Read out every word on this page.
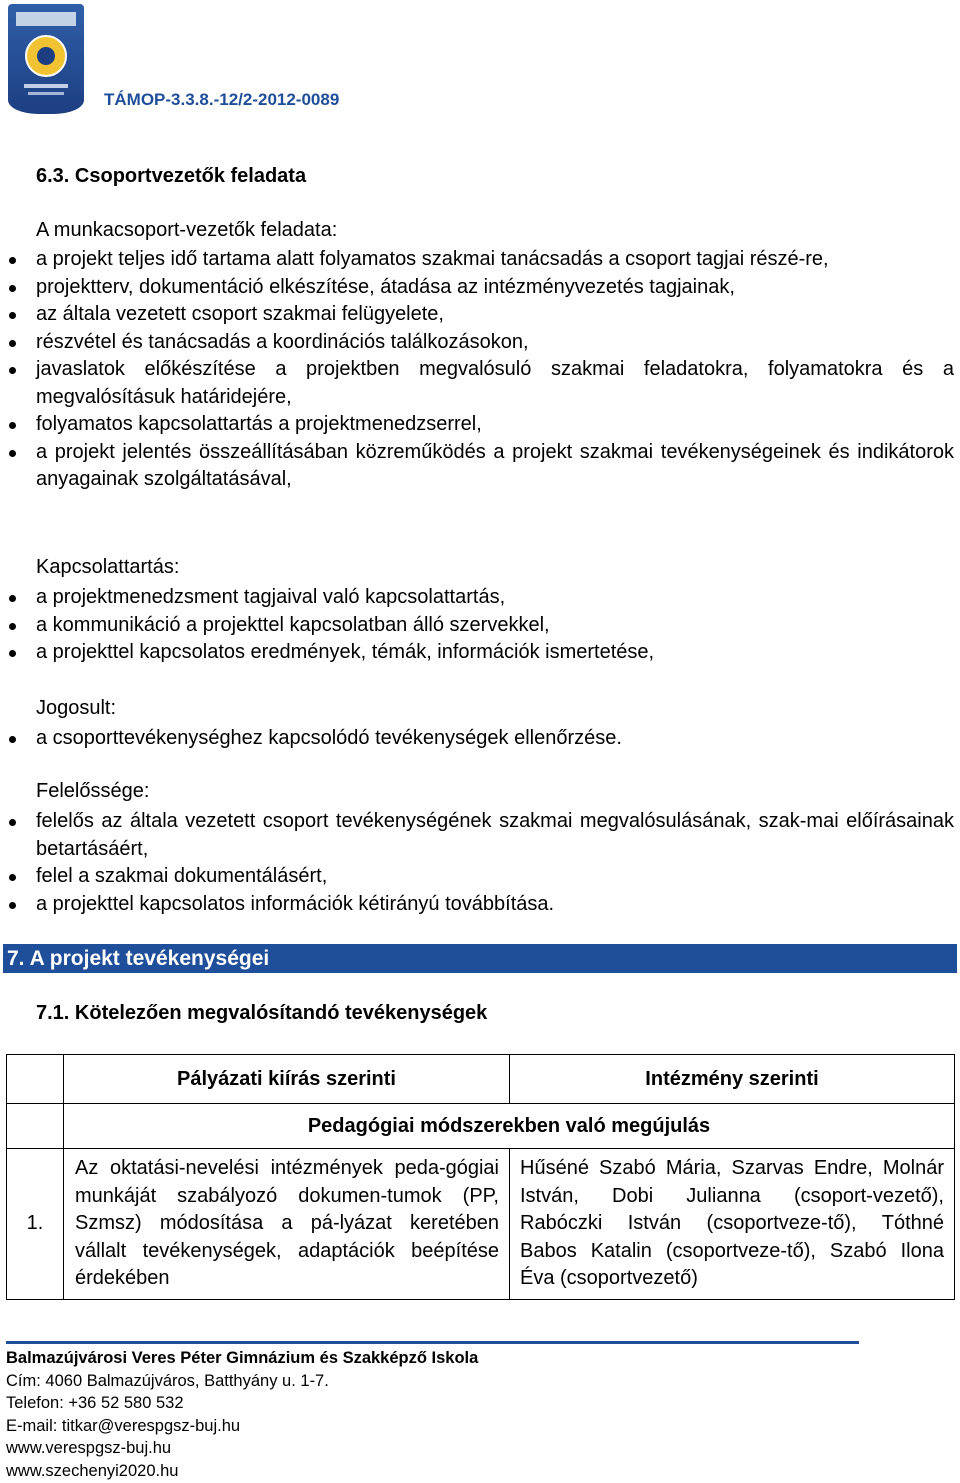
TÁMOP-3.3.8.-12/2-2012-0089
6.3. Csoportvezetők feladata
A munkacsoport-vezetők feladata:
a projekt teljes idő tartama alatt folyamatos szakmai tanácsadás a csoport tagjai részé-re,
projektterv, dokumentáció elkészítése, átadása az intézményvezetés tagjainak,
az általa vezetett csoport szakmai felügyelete,
részvétel és tanácsadás a koordinációs találkozásokon,
javaslatok előkészítése a projektben megvalósuló szakmai feladatokra, folyamatokra és a megvalósításuk határidejére,
folyamatos kapcsolattartás a projektmenedzserrel,
a projekt jelentés összeállításában közreműködés a projekt szakmai tevékenységeinek és indikátorok anyagainak szolgáltatásával,
Kapcsolattartás:
a projektmenedzsment tagjaival való kapcsolattartás,
a kommunikáció a projekttel kapcsolatban álló szervekkel,
a projekttel kapcsolatos eredmények, témák, információk ismertetése,
Jogosult:
a csoporttevékenységhez kapcsolódó tevékenységek ellenőrzése.
Felelőssége:
felelős az általa vezetett csoport tevékenységének szakmai megvalósulásának, szak-mai előírásainak betartásáért,
felel a szakmai dokumentálásért,
a projekttel kapcsolatos információk kétirányú továbbítása.
7. A projekt tevékenységei
7.1. Kötelezően megvalósítandó tevékenységek
	Pályázati kiírás szerinti	Intézmény szerinti
	Pedagógiai módszerekben való megújulás	
1.	Az oktatási-nevelési intézmények peda-gógiai munkáját szabályozó dokumen-tumok (PP, Szmsz) módosítása a pá-lyázat keretében vállalt tevékenységek, adaptációk beépítése érdekében	Hűséné Szabó Mária, Szarvas Endre, Molnár István, Dobi Julianna (csoport-vezető), Rabóczki István (csoportveze-tő), Tóthné Babos Katalin (csoportveze-tő), Szabó Ilona Éva (csoportvezető)
Balmazújvárosi Veres Péter Gimnázium és Szakképző Iskola
Cím: 4060 Balmazújváros, Batthyány u. 1-7.
Telefon: +36 52 580 532
E-mail: titkar@verespgsz-buj.hu
www.verespgsz-buj.hu
www.szechenyi2020.hu
